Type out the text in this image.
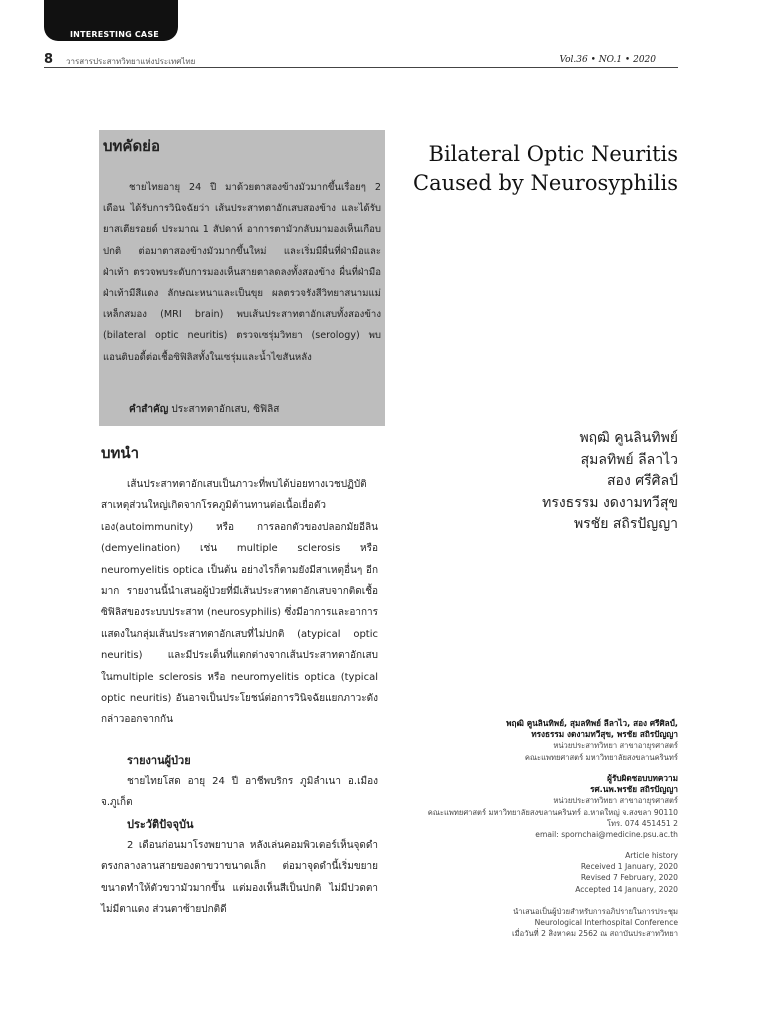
INTERESTING CASE
8 วารสารประสาทวิทยาแห่งประเทศไทย	Vol.36 • NO.1 • 2020
บทคัดย่อ
ชายไทยอายุ 24 ปี มาด้วยตาสองข้างมัวมากขึ้นเรื่อยๆ 2 เดือน ได้รับการวินิจฉัยว่า เส้นประสาทตาอักเสบสองข้าง และได้รับยาสเตียรอยด์ ประมาณ 1 สัปดาห์ อาการตามัวกลับมามองเห็นเกือบปกติ ต่อมาตาสองข้างมัวมากขึ้นใหม่ และเริ่มมีผื่นที่ฝ่ามือและ ฝ่าเท้า ตรวจพบระดับการมองเห็นสายตาลดลงทั้งสองข้าง ผื่นที่ฝ่ามือฝ่าเท้ามีสีแดง ลักษณะหนาและเป็นขุย ผลตรวจรังสีวิทยาสนามแม่เหล็กสมอง (MRI brain) พบเส้นประสาทตาอักเสบทั้งสองข้าง (bilateral optic neuritis) ตรวจเซรุ่มวิทยา (serology) พบแอนติบอดี้ต่อเชื้อซิฟิลิสทั้งในเซรุ่มและน้ำไขสันหลัง
คำสำคัญ ประสาทตาอักเสบ, ซิฟิลิส
Bilateral Optic Neuritis
Caused by Neurosyphilis
พฤฒิ คูนลินทิพย์
สุมลทิพย์ ลีลาไว
สอง ศรีศิลป์
ทรงธรรม งดงามทวีสุข
พรชัย สถิรปัญญา
บทนำ
เส้นประสาทตาอักเสบเป็นภาวะที่พบได้บ่อยทางเวชปฏิบัติ สาเหตุส่วนใหญ่เกิดจากโรคภูมิต้านทานต่อเนื้อเยื่อตัวเอง(autoimmunity) หรือ การลอกตัวของปลอกมัยอีลิน (demyelination) เช่น multiple sclerosis หรือ neuromyelitis optica เป็นต้น อย่างไรก็ตามยังมีสาเหตุอื่นๆ อีกมาก รายงานนี้นำเสนอผู้ป่วยที่มีเส้นประสาทตาอักเสบจากติดเชื้อซิฟิลิสของระบบประสาท (neurosyphilis) ซึ่งมีอาการและอาการแสดงในกลุ่มเส้นประสาทตาอักเสบที่ไม่ปกติ (atypical optic neuritis) และมีประเด็นที่แตกต่างจากเส้นประสาทตาอักเสบในmultiple sclerosis หรือ neuromyelitis optica (typical optic neuritis) อันอาจเป็นประโยชน์ต่อการวินิจฉัยแยกภาวะดังกล่าวออกจากกัน
รายงานผู้ป่วย
ชายไทยโสด อายุ 24 ปี อาชีพบริกร ภูมิลำเนา อ.เมือง จ.ภูเก็ต
ประวัติปัจจุบัน
2 เดือนก่อนมาโรงพยาบาล หลังเล่นคอมพิวเตอร์เห็นจุดดำตรงกลางลานสายของตาขวาขนาดเล็ก ต่อมาจุดดำนี้เริ่มขยายขนาดทำให้ตัวขวามัวมากขึ้น แต่มองเห็นสีเป็นปกติ ไม่มีปวดตา ไม่มีตาแดง ส่วนตาซ้ายปกติดี
พฤฒิ คูนลินทิพย์, สุมลทิพย์ ลีลาไว, สอง ศรีศิลป์,
ทรงธรรม งดงามทวีสุข, พรชัย สถิรปัญญา
หน่วยประสาทวิทยา สาขาอายุรศาสตร์
คณะแพทยศาสตร์ มหาวิทยาลัยสงขลานครินทร์
ผู้รับผิดชอบบทความ
รศ.นพ.พรชัย สถิรปัญญา
หน่วยประสาทวิทยา สาขาอายุรศาสตร์
คณะแพทยศาสตร์ มหาวิทยาลัยสงขลานครินทร์ อ.หาดใหญ่ จ.สงขลา 90110
โทร. 074 451451 2
email: spornchai@medicine.psu.ac.th
Article history
Received 1 January, 2020
Revised 7 February, 2020
Accepted 14 January, 2020
นำเสนอเป็นผู้ป่วยสำหรับการอภิปรายในการประชุม
Neurological Interhospital Conference
เมื่อวันที่ 2 สิงหาคม 2562 ณ สถาบันประสาทวิทยา
